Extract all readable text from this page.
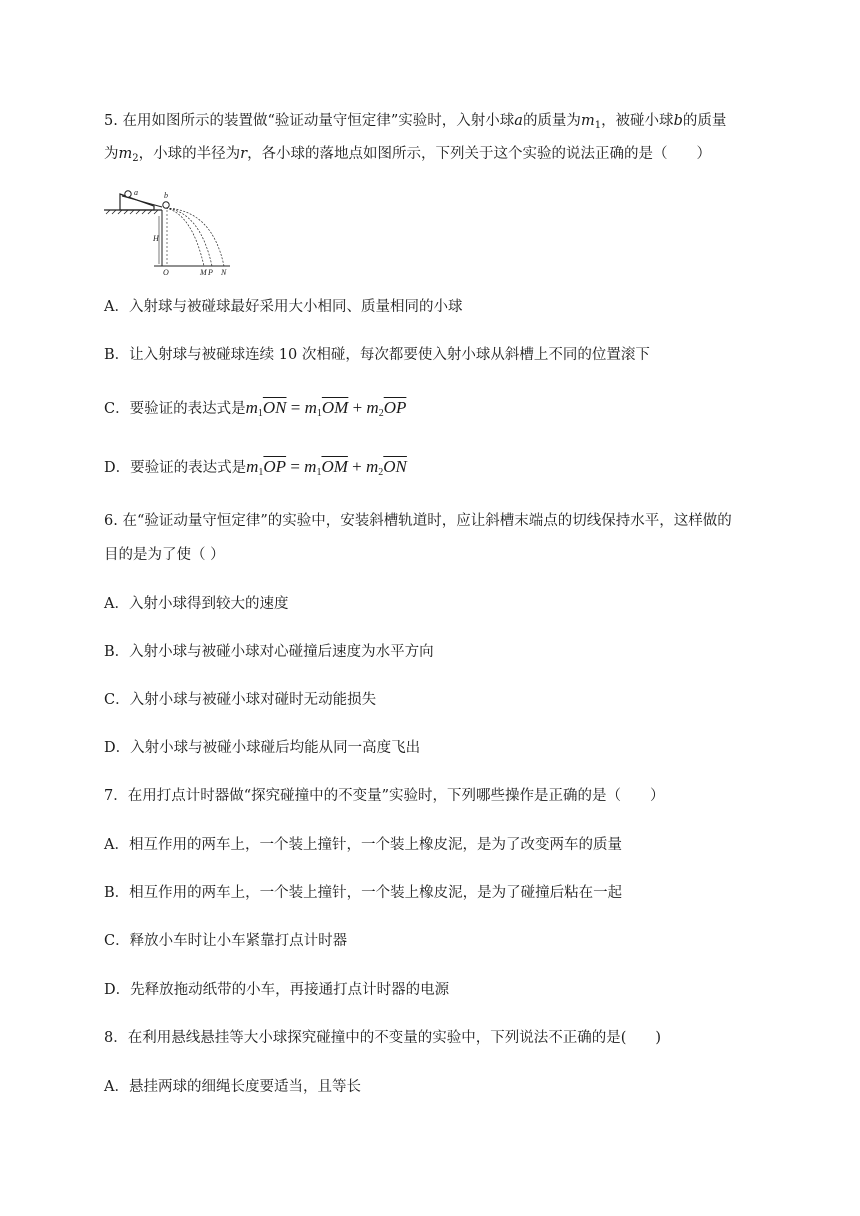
5. 在用如图所示的装置做“验证动量守恒定律”实验时，入射小球a的质量为$m_1$，被碰小球b的质量
为$m_2$，小球的半径为r，各小球的落地点如图所示，下列关于这个实验的说法正确的是（　　）
a	b
H
O	M P N
A．入射球与被碰球最好采用大小相同、质量相同的小球
B．让入射球与被碰球连续 10 次相碰，每次都要使入射小球从斜槽上不同的位置滚下
C．要验证的表达式是$m_1\overline{ON} = m_1\overline{OM} + m_2\overline{OP}$
D．要验证的表达式是$m_1\overline{OP} = m_1\overline{OM} + m_2\overline{ON}$
6. 在“验证动量守恒定律”的实验中，安装斜槽轨道时，应让斜槽末端点的切线保持水平，这样做的
目的是为了使（ ）
A．入射小球得到较大的速度
B．入射小球与被碰小球对心碰撞后速度为水平方向
C．入射小球与被碰小球对碰时无动能损失
D．入射小球与被碰小球碰后均能从同一高度飞出
7．在用打点计时器做“探究碰撞中的不变量”实验时，下列哪些操作是正确的是（　　）
A．相互作用的两车上，一个装上撞针，一个装上橡皮泥，是为了改变两车的质量
B．相互作用的两车上，一个装上撞针，一个装上橡皮泥，是为了碰撞后粘在一起
C．释放小车时让小车紧靠打点计时器
D．先释放拖动纸带的小车，再接通打点计时器的电源
8．在利用悬线悬挂等大小球探究碰撞中的不变量的实验中，下列说法不正确的是(　　)
A．悬挂两球的细绳长度要适当，且等长
